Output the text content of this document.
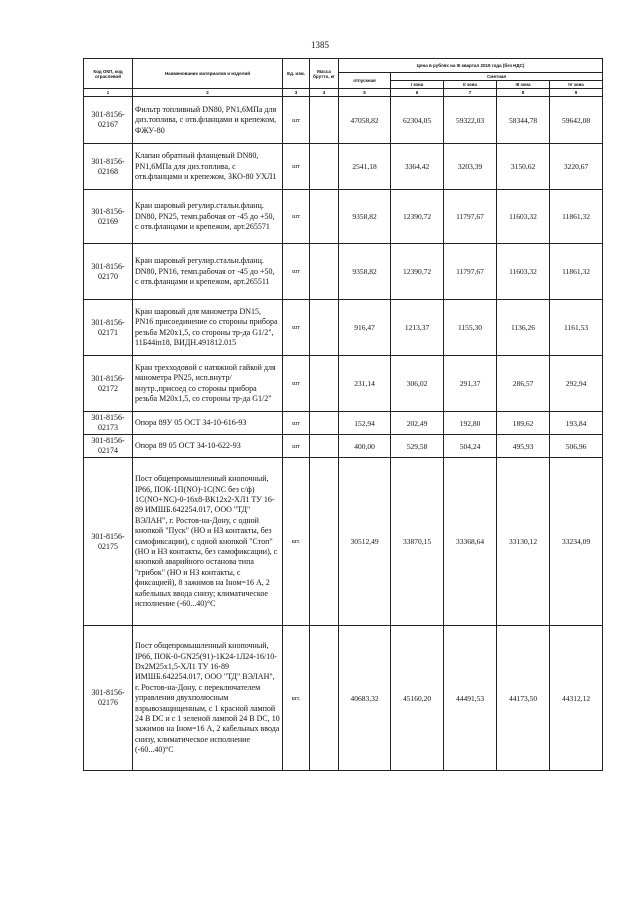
1385
Код ОКП, код отраслевой	Наименование материалов и изделий	Ед. изм.	Масса брутто, кг	Цена в рублях на III квартал 2019 года (без НДС)				
				отпускная	Сметная			
					I зона	II зона	III зона	IV зона
1	2	3	4	5	6	7	8	9
301-8156-02167	Фильтр топливный DN80, PN1,6МПа для диз.топлива, с отв.фланцами и крепежом, ФЖУ-80	шт		47058,82	62304,05	59322,03	58344,78	59642,08
301-8156-02168	Клапан обратный фланцевый DN80, PN1,6МПа для диз.топлива, с отв.фланцами и крепежом, ЗКО-80 УХЛ1	шт		2541,18	3364,42	3203,39	3150,62	3220,67
301-8156-02169	Кран шаровый регулир.стальн.фланц. DN80, PN25, темп.рабочая от -45 до +50, с отв.фланцами и крепежом, арт.265571	шт		9358,82	12390,72	11797,67	11603,32	11861,32
301-8156-02170	Кран шаровый регулир.стальн.фланц. DN80, PN16, темп.рабочая от -45 до +50, с отв.фланцами и крепежом, арт.265511	шт		9358,82	12390,72	11797,67	11603,32	11861,32
301-8156-02171	Кран шаровый для манометра DN15, PN16 присоединение со стороны прибора резьба M20x1,5, со стороны тр-да G1/2", 11Б44іп18, ВИДН.491812.015	шт		916,47	1213,37	1155,30	1136,26	1161,53
301-8156-02172	Кран трехходовой с натяжной гайкой для манометра PN25, исп.внутр/внутр.,присоед со стороны прибора резьба M20x1,5, со стороны тр-да G1/2"	шт		231,14	306,02	291,37	286,57	292,94
301-8156-02173	Опора 89У 05 ОСТ 34-10-616-93	шт		152,94	202,49	192,80	189,62	193,84
301-8156-02174	Опора 89 05 ОСТ 34-10-622-93	шт		400,00	529,58	504,24	495,93	506,96
301-8156-02175	Пост общепромышленный кнопочный, IP66, ПОК-1П(NO)-1С(NC без с/ф) 1С(NO+NC)-0-16х8-ВК12х2-ХЛ1 ТУ 16-89 ИМШБ.642254.017, ООО "ТД" ВЭЛАН", г. Ростов-на-Дону, с одной кнопкой "Пуск" (НО и НЗ контакты, без самофиксации), с одной кнопкой "Стоп" (НО и НЗ контакты, без самофиксации), с кнопкой аварийного останова типа "грибок" (НО и НЗ контакты, с фиксацией), 8 зажимов на Iном=16 А, 2 кабельных ввода снизу; климатическое исполнение (-60...40)°С	шт.		30512,49	33870,15	33368,64	33130,12	33234,09
301-8156-02176	Пост общепромышленный кнопочный, IP66, ПОК-0-GN25(91)-1К24-1Л24-16/10-Dx2M25x1,5-ХЛ1 ТУ 16-89 ИМШБ.642254.017, ООО "ТД" ВЭЛАН", г. Ростов-на-Дону, с переключателем управления двухполюсным взрывозащищенным, с 1 красной лампой 24 В DC и с 1 зеленой лампой 24 В DC, 10 зажимов на Iном=16 А, 2 кабельных ввода снизу, климатическое исполнение (-60...40)°С	шт.		40683,32	45160,20	44491,53	44173,50	44312,12
